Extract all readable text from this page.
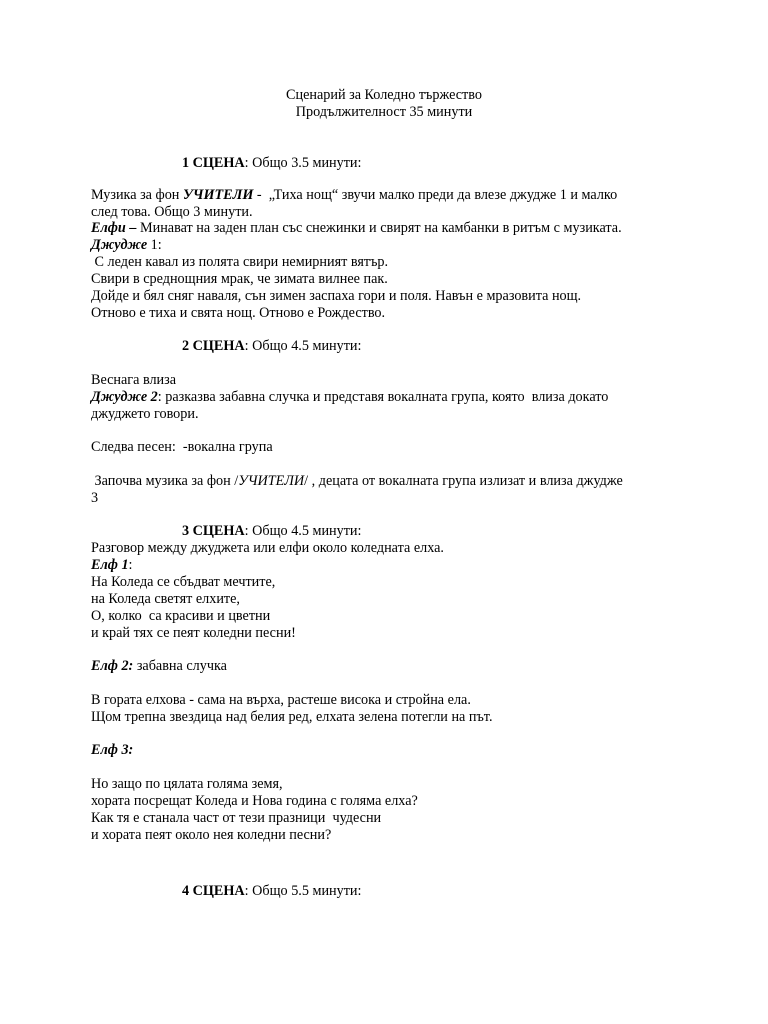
Сценарий за Коледно тържество
Продължителност 35 минути
1 СЦЕНА: Общо 3.5 минути:
Музика за фон УЧИТЕЛИ -  „Тиха нощ“ звучи малко преди да влезе джудже 1 и малко
след това. Общо 3 минути.
Елфи – Минават на заден план със снежинки и свирят на камбанки в ритъм с музиката.
Джудже 1:
С леден кавал из полята свири немирният вятър.
Свири в среднощния мрак, че зимата вилнее пак.
Дойде и бял сняг наваля, сън зимен заспаха гори и поля. Навън е мразовита нощ.
Отново е тиха и свята нощ. Отново е Рождество.
2 СЦЕНА: Общо 4.5 минути:
Веснага влиза
Джудже 2: разказва забавна случка и представя вокалната група, която  влиза докато
джуджето говори.
Следва песен:  -вокална група
Започва музика за фон /УЧИТЕЛИ/ , децата от вокалната група излизат и влиза джудже
3
3 СЦЕНА: Общо 4.5 минути:
Разговор между джуджета или елфи около коледната елха.
Елф 1:
На Коледа се сбъдват мечтите,
на Коледа светят елхите,
О, колко  са красиви и цветни
и край тях се пеят коледни песни!
Елф 2: забавна случка
В гората елхова - сама на върха, растеше висока и стройна ела.
Щом трепна звездица над белия ред, елхата зелена потегли на път.
Елф 3:
Но защо по цялата голяма земя,
хората посрещат Коледа и Нова година с голяма елха?
Как тя е станала част от тези празници  чудесни
и хората пеят около нея коледни песни?
4 СЦЕНА: Общо 5.5 минути:
